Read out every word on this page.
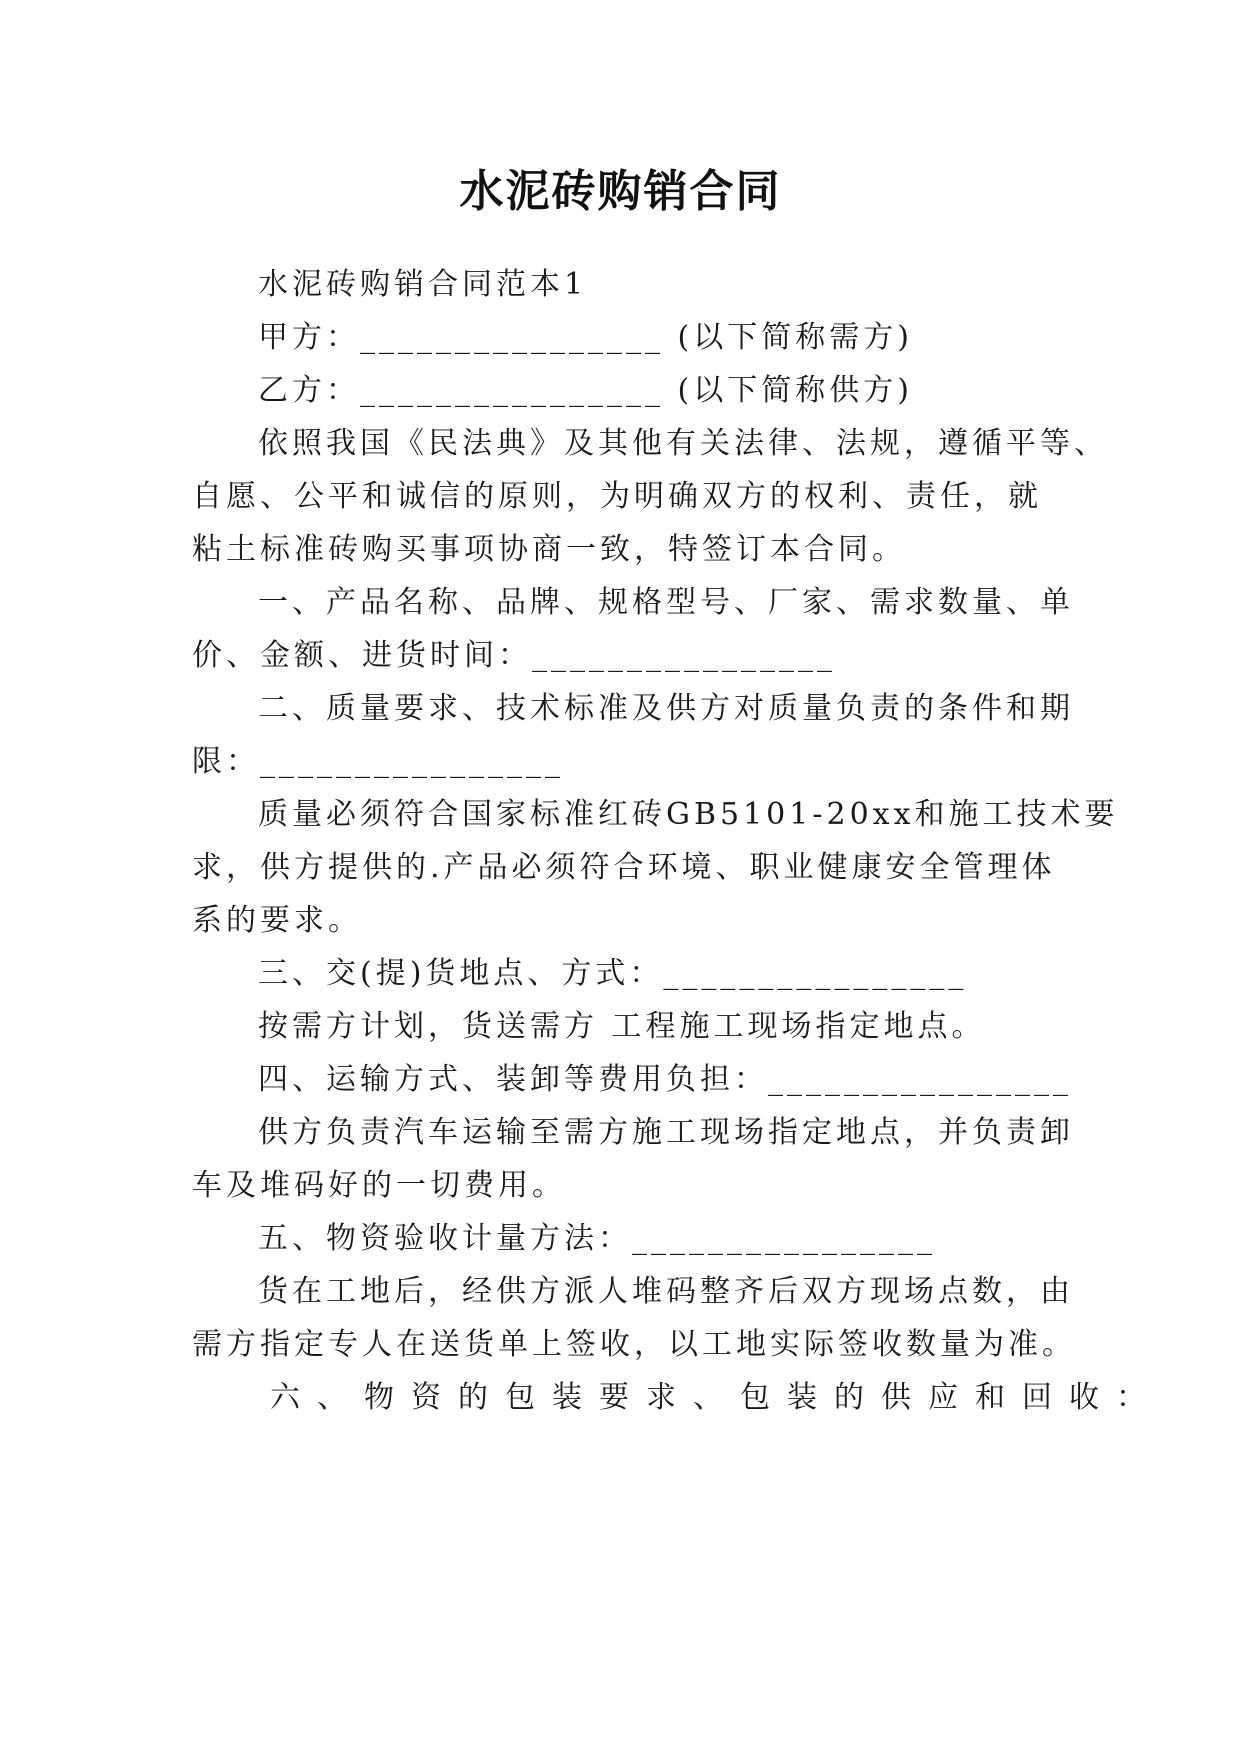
水泥砖购销合同
水泥砖购销合同范本1
甲方：________________ (以下简称需方)
乙方：________________ (以下简称供方)
依照我国《民法典》及其他有关法律、法规，遵循平等、
自愿、公平和诚信的原则，为明确双方的权利、责任，就
粘土标准砖购买事项协商一致，特签订本合同。
一、产品名称、品牌、规格型号、厂家、需求数量、单
价、金额、进货时间：________________
二、质量要求、技术标准及供方对质量负责的条件和期
限：________________
质量必须符合国家标准红砖GB5101-20xx和施工技术要
求，供方提供的.产品必须符合环境、职业健康安全管理体
系的要求。
三、交(提)货地点、方式：________________
按需方计划，货送需方 工程施工现场指定地点。
四、运输方式、装卸等费用负担：________________
供方负责汽车运输至需方施工现场指定地点，并负责卸
车及堆码好的一切费用。
五、物资验收计量方法：________________
货在工地后，经供方派人堆码整齐后双方现场点数，由
需方指定专人在送货单上签收，以工地实际签收数量为准。
六、物资的包装要求、包装的供应和回收：
